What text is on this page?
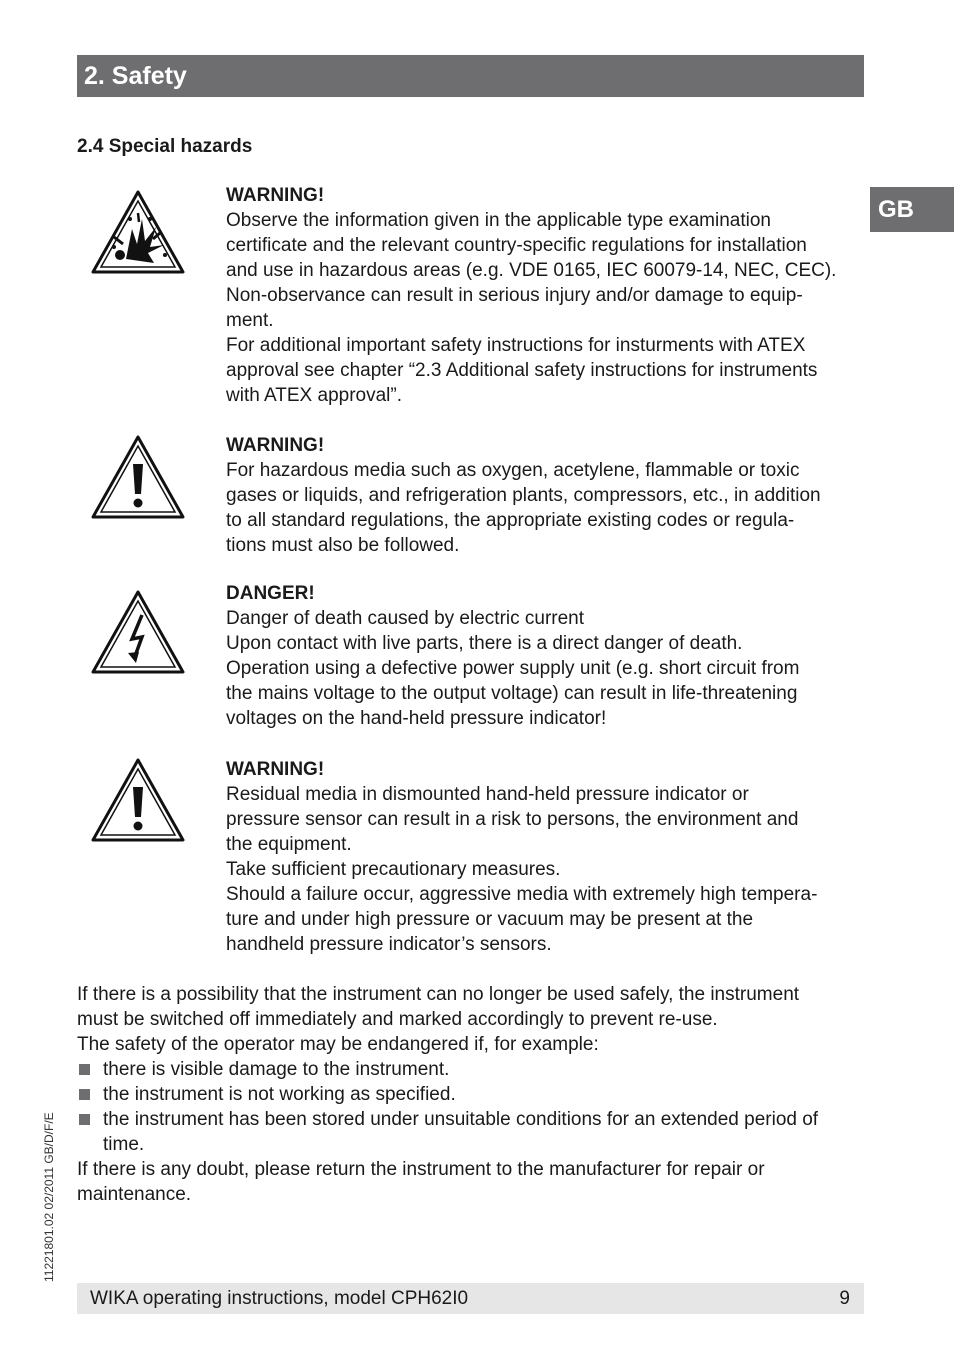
2. Safety
GB
2.4 Special hazards

WARNING!

Observe the information given in the applicable type examination

certificate and the relevant country-specific regulations for installation

and use in hazardous areas (e.g. VDE 0165, IEC 60079-14, NEC, CEC).

Non-observance can result in serious injury and/or damage to equip-

ment.

For additional important safety instructions for insturments with ATEX

approval see chapter “2.3 Additional safety instructions for instruments

with ATEX approval”.

WARNING!

For hazardous media such as oxygen, acetylene, flammable or toxic

gases or liquids, and refrigeration plants, compressors, etc., in addition

to all standard regulations, the appropriate existing codes or regula-

tions must also be followed.

DANGER!

Danger of death caused by electric current

Upon contact with live parts, there is a direct danger of death.

Operation using a defective power supply unit (e.g. short circuit from

the mains voltage to the output voltage) can result in life-threatening

voltages on the hand-held pressure indicator!

WARNING!

Residual media in dismounted hand-held pressure indicator or

pressure sensor can result in a risk to persons, the environment and

the equipment.

Take sufficient precautionary measures.

Should a failure occur, aggressive media with extremely high tempera-

ture and under high pressure or vacuum may be present at the

handheld pressure indicator’s sensors.

If there is a possibility that the instrument can no longer be used safely, the instrument

must be switched off immediately and marked accordingly to prevent re-use.

The safety of the operator may be endangered if, for example:

there is visible damage to the instrument.
the instrument is not working as specified.
the instrument has been stored under unsuitable conditions for an extended period of
time.

If there is any doubt, please return the instrument to the manufacturer for repair or

maintenance.

11221801.02 02/2011 GB/D/F/E
WIKA operating instructions, model CPH62I0	9
